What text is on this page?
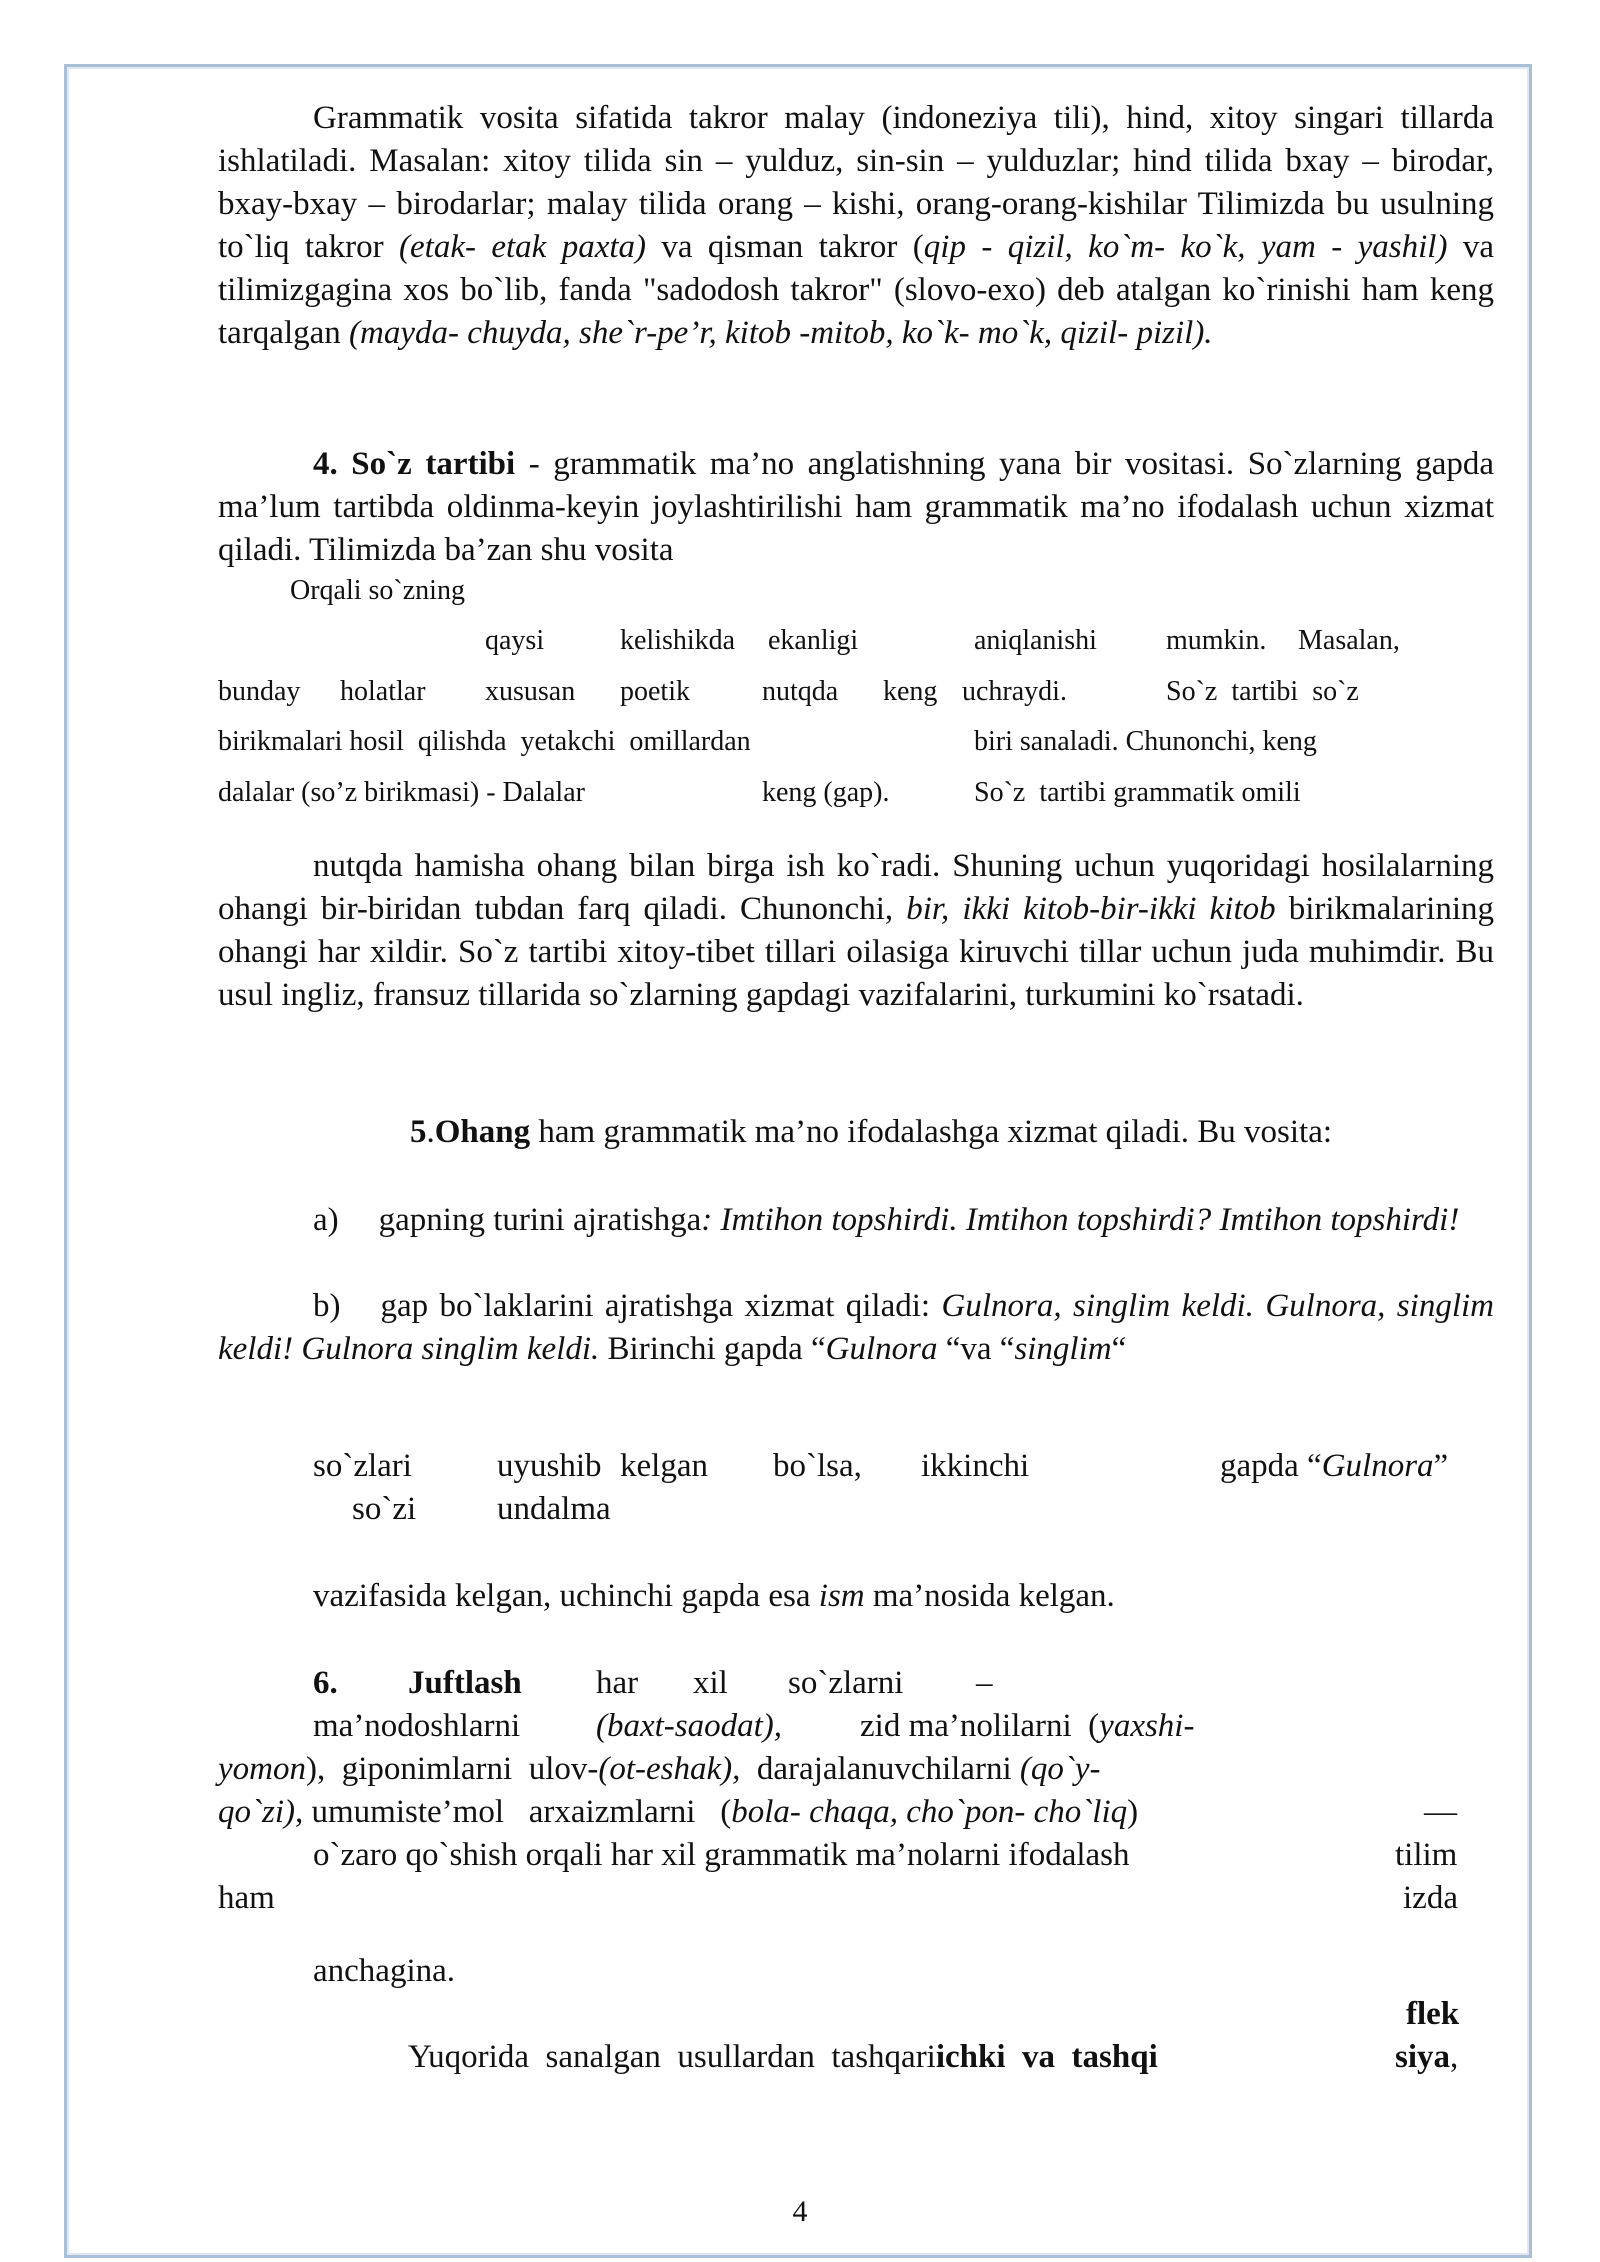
Grammatik vosita sifatida takror malay (indoneziya tili), hind, xitoy singari tillarda ishlatiladi. Masalan: xitoy tilida sin – yulduz, sin-sin – yulduzlar; hind tilida bxay – birodar, bxay-bxay – birodarlar; malay tilida orang – kishi, orang-orang-kishilar Tilimizda bu usulning to`liq takror (etak- etak paxta) va qisman takror (qip - qizil, ko`m- ko`k, yam - yashil) va tilimizgagina xos bo`lib, fanda "sadodosh takror" (slovo-exo) deb atalgan ko`rinishi ham keng tarqalgan (mayda- chuyda, she`r-pe’r, kitob -mitob, ko`k- mo`k, qizil- pizil).
4. So`z tartibi - grammatik ma’no anglatishning yana bir vositasi. So`zlarning gapda ma’lum tartibda oldinma-keyin joylashtirilishi ham grammatik ma’no ifodalash uchun xizmat qiladi. Tilimizda ba’zan shu vosita
Orqali so`zning
qaysi	kelishikda ekanligi	aniqlanishi mumkin. Masalan,
bunday holatlar xususan poetik	nutqda keng uchraydi.	So`z  tartibi  so`z
birikmalari hosil  qilishda  yetakchi  omillardan	biri sanaladi. Chunonchi, keng
dalalar (so’z birikmasi) - Dalalar	keng (gap).	So`z  tartibi grammatik omili
nutqda hamisha ohang bilan birga ish ko`radi. Shuning uchun yuqoridagi hosilalarning ohangi bir-biridan tubdan farq qiladi. Chunonchi, bir, ikki kitob-bir-ikki kitob birikmalarining ohangi har xildir. So`z tartibi xitoy-tibet tillari oilasiga kiruvchi tillar uchun juda muhimdir. Bu usul ingliz, fransuz tillarida so`zlarning gapdagi vazifalarini, turkumini ko`rsatadi.
5.Ohang ham grammatik ma’no ifodalashga xizmat qiladi. Bu vosita:
a) gapning turini ajratishga: Imtihon topshirdi. Imtihon topshirdi? Imtihon topshirdi!
b) gap bo`laklarini ajratishga xizmat qiladi: Gulnora, singlim keldi. Gulnora, singlim keldi! Gulnora singlim keldi. Birinchi gapda “Gulnora “va “singlim“
so`zlari	uyushib kelgan bo`lsa, ikkinchi	gapda “Gulnora”
so`zi undalma
vazifasida kelgan, uchinchi gapda esa ism ma’nosida kelgan.
6. Juftlash har xil so`zlarni –
ma’nodoshlarni (baxt-saodat), zid ma’nolilarni  (yaxshi-
yomon),  giponimlarni  ulov-(ot-eshak),  darajalanuvchilarni (qo`y-
qo`zi), umumiste’mol   arxaizmlarni   (bola- chaqa, cho`pon- cho`liq)	—
o`zaro qo`shish orqali har xil grammatik ma’nolarni ifodalash	tilim
ham	izda
anchagina.
flek
Yuqorida  sanalgan  usullardan  tashqariichki  va  tashqi	siya,
4
